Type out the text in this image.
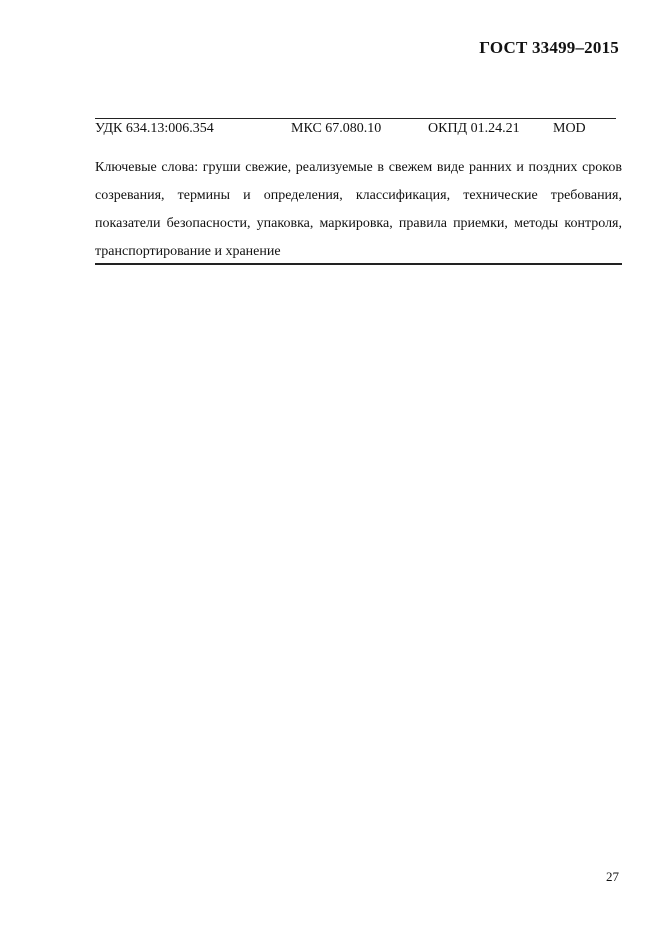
ГОСТ 33499–2015
УДК 634.13:006.354	МКС 67.080.10	ОКПД 01.24.21 MOD

Ключевые слова: груши свежие, реализуемые в свежем виде ранних и поздних сроков созревания, термины и определения, классификация, технические требования, показатели безопасности, упаковка, маркировка, правила приемки, методы контроля, транспортирование и хранение

27
